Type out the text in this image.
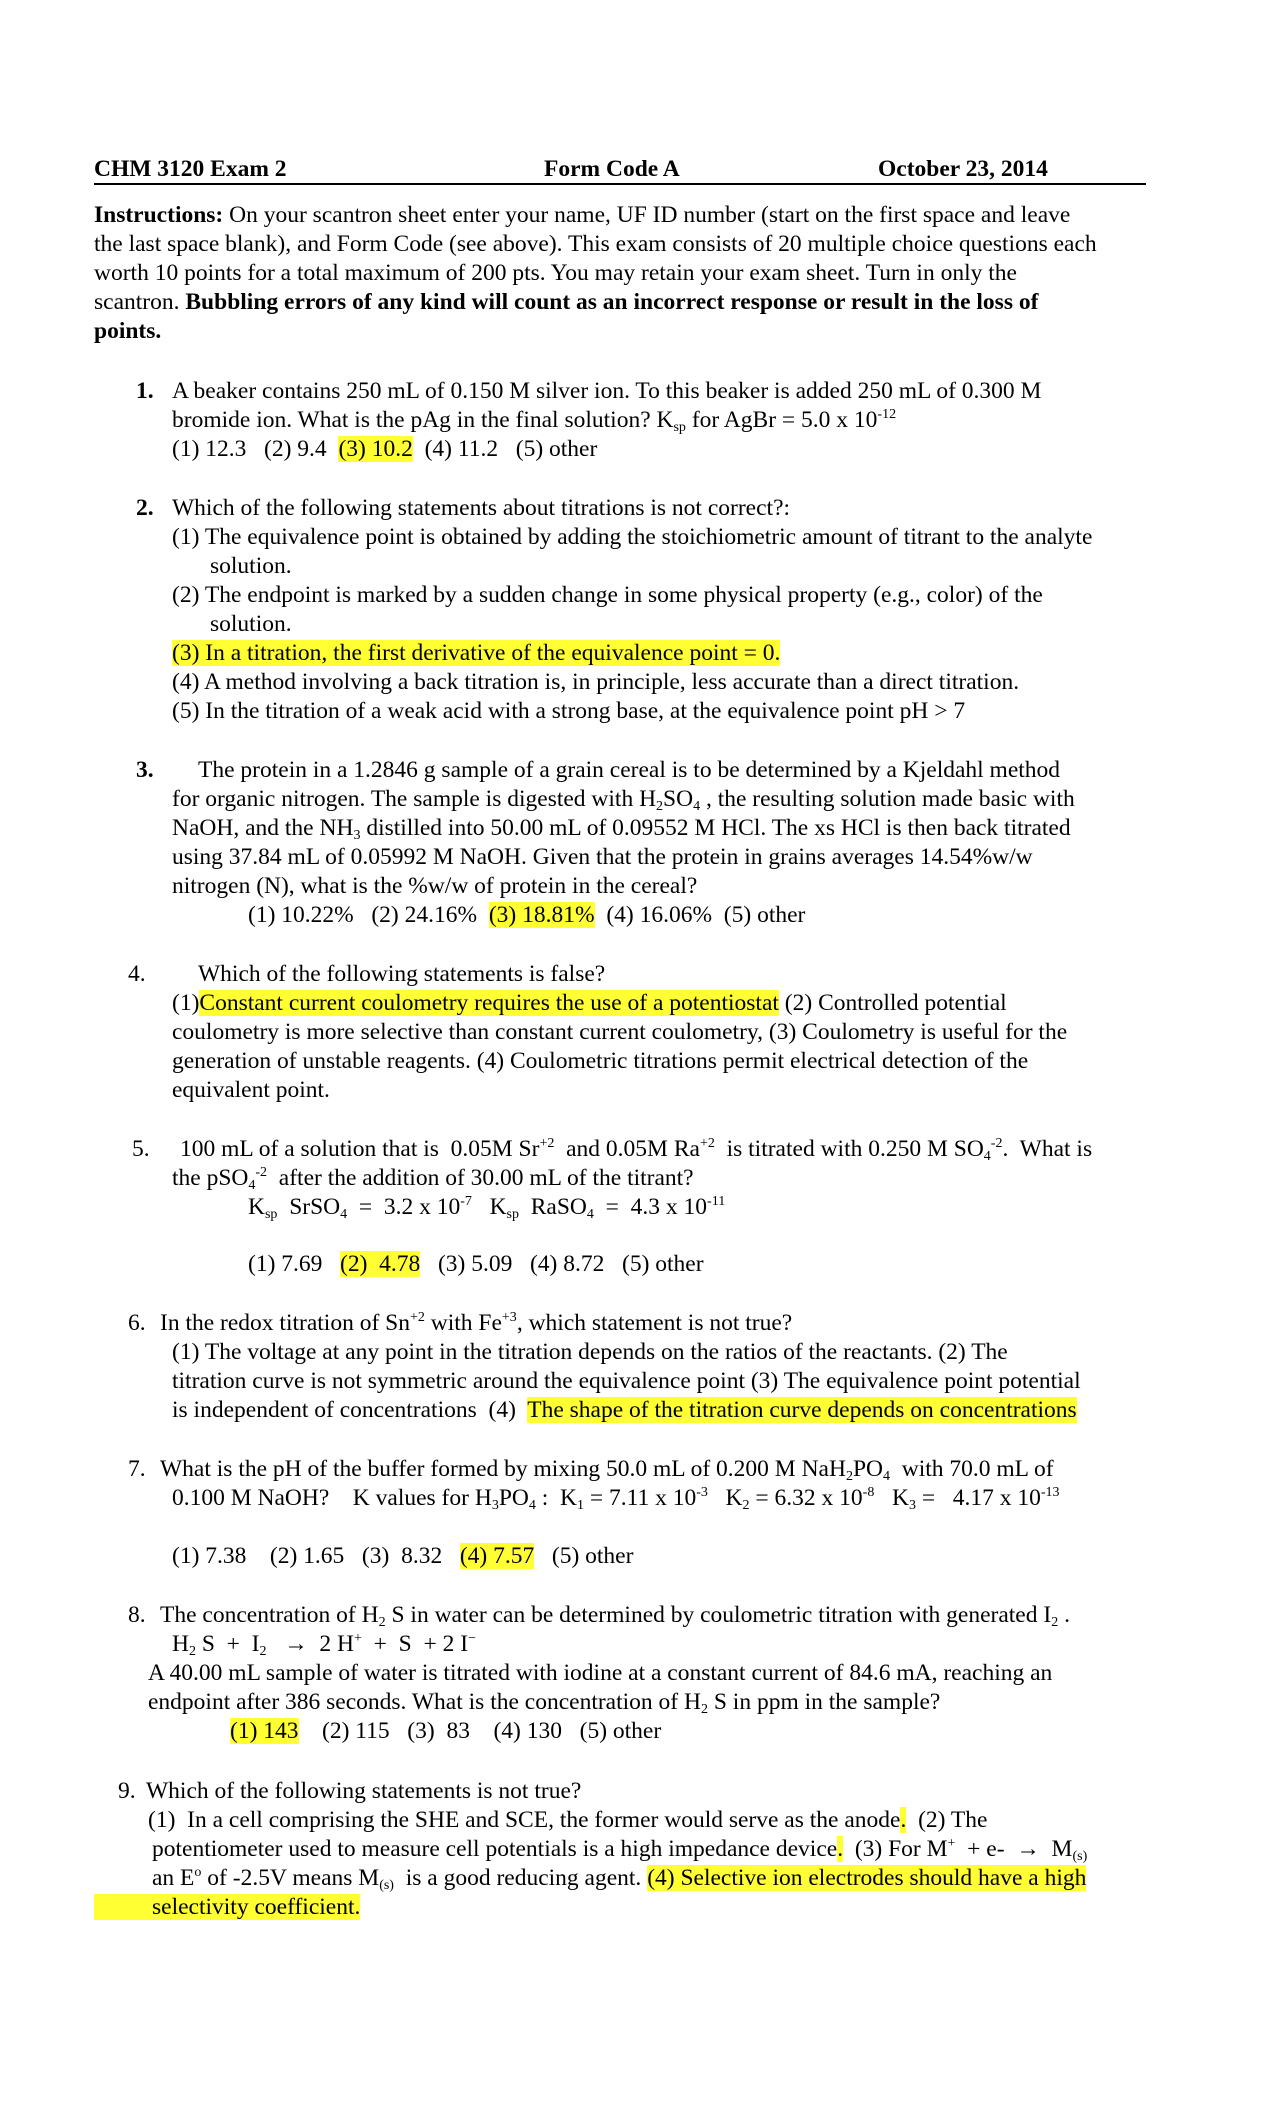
CHM 3120 Exam 2	Form Code A	October 23, 2014
Instructions: On your scantron sheet enter your name, UF ID number (start on the first space and leave
the last space blank), and Form Code (see above). This exam consists of 20 multiple choice questions each
worth 10 points for a total maximum of 200 pts. You may retain your exam sheet. Turn in only the
scantron. Bubbling errors of any kind will count as an incorrect response or result in the loss of
points.
1. A beaker contains 250 mL of 0.150 M silver ion. To this beaker is added 250 mL of 0.300 M
bromide ion. What is the pAg in the final solution? $K_{sp}$ for AgBr = 5.0 x $10^{-12}$
(1) 12.3   (2) 9.4  (3) 10.2  (4) 11.2   (5) other
2. Which of the following statements about titrations is not correct?:
(1) The equivalence point is obtained by adding the stoichiometric amount of titrant to the analyte
solution.
(2) The endpoint is marked by a sudden change in some physical property (e.g., color) of the
solution.
(3) In a titration, the first derivative of the equivalence point = 0.
(4) A method involving a back titration is, in principle, less accurate than a direct titration.
(5) In the titration of a weak acid with a strong base, at the equivalence point pH > 7
3. The protein in a 1.2846 g sample of a grain cereal is to be determined by a Kjeldahl method
for organic nitrogen. The sample is digested with $H_2SO_4$ , the resulting solution made basic with
NaOH, and the $NH_3$ distilled into 50.00 mL of 0.09552 M HCl. The xs HCl is then back titrated
using 37.84 mL of 0.05992 M NaOH. Given that the protein in grains averages 14.54%w/w
nitrogen (N), what is the %w/w of protein in the cereal?
(1) 10.22%   (2) 24.16%  (3) 18.81%  (4) 16.06%  (5) other
4. Which of the following statements is false?
(1)Constant current coulometry requires the use of a potentiostat (2) Controlled potential
coulometry is more selective than constant current coulometry, (3) Coulometry is useful for the
generation of unstable reagents. (4) Coulometric titrations permit electrical detection of the
equivalent point.
5. 100 mL of a solution that is  0.05M $Sr^{+2}$  and 0.05M $Ra^{+2}$  is titrated with 0.250 M $SO_4^{-2}$.  What is
the pSO$_4^{-2}$  after the addition of 30.00 mL of the titrant?
$K_{sp}$  SrSO$_4$  =  3.2 x $10^{-7}$   $K_{sp}$  RaSO$_4$  =  4.3 x $10^{-11}$
(1) 7.69   (2)  4.78   (3) 5.09   (4) 8.72   (5) other
6. In the redox titration of $Sn^{+2}$ with $Fe^{+3}$, which statement is not true?
(1) The voltage at any point in the titration depends on the ratios of the reactants. (2) The
titration curve is not symmetric around the equivalence point (3) The equivalence point potential
is independent of concentrations  (4)  The shape of the titration curve depends on concentrations
7. What is the pH of the buffer formed by mixing 50.0 mL of 0.200 M $NaH_2PO_4$  with 70.0 mL of
0.100 M NaOH?    K values for $H_3PO_4$ :  $K_1 = 7.11$ x $10^{-3}$   $K_2 = 6.32$ x $10^{-8}$   $K_3 = 4.17$ x $10^{-13}$
(1) 7.38    (2) 1.65   (3)  8.32   (4) 7.57   (5) other
8. The concentration of $H_2$ S in water can be determined by coulometric titration with generated $I_2$ .
$H_2$ $S + I_2 \to 2$ H+  +  S  + 2 I−
A 40.00 mL sample of water is titrated with iodine at a constant current of 84.6 mA, reaching an
endpoint after 386 seconds. What is the concentration of $H_2$ S in ppm in the sample?
(1) 143    (2) 115   (3)  83    (4) 130   (5) other
9. Which of the following statements is not true?
(1)  In a cell comprising the SHE and SCE, the former would serve as the anode.  (2) The
potentiometer used to measure cell potentials is a high impedance device.  (3) For $M^+ + e- \to M_{(s)}$
an $E^o$ of -2.5V means $M_{(s)}$  is a good reducing agent. (4) Selective ion electrodes should have a high
selectivity coefficient.
